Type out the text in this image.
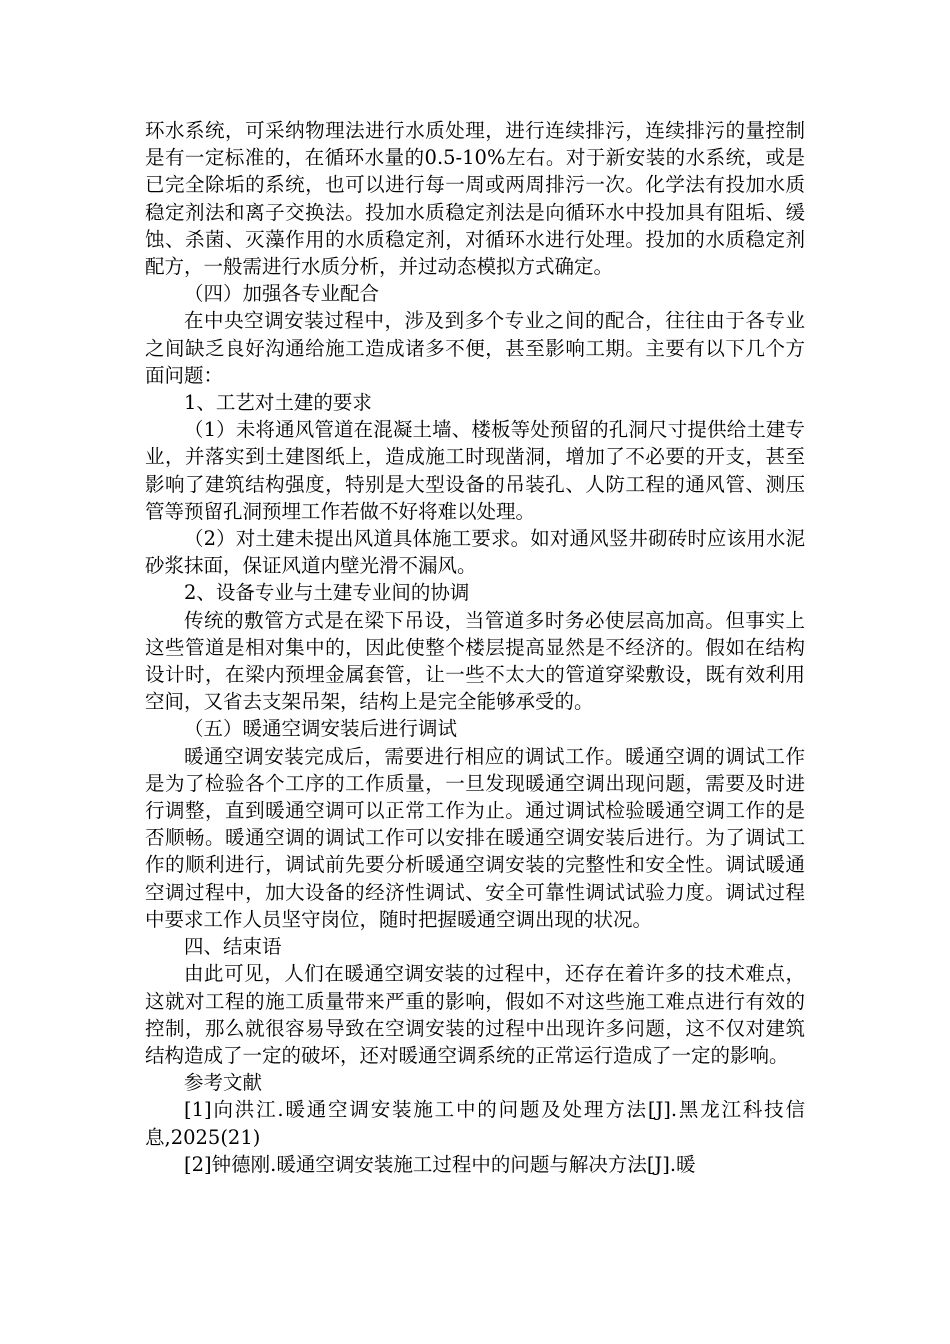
环水系统，可采纳物理法进行水质处理，进行连续排污，连续排污的量控制是有一定标准的，在循环水量的0.5-10%左右。对于新安装的水系统，或是已完全除垢的系统，也可以进行每一周或两周排污一次。化学法有投加水质稳定剂法和离子交换法。投加水质稳定剂法是向循环水中投加具有阻垢、缓蚀、杀菌、灭藻作用的水质稳定剂，对循环水进行处理。投加的水质稳定剂配方，一般需进行水质分析，并过动态模拟方式确定。

（四）加强各专业配合

在中央空调安装过程中，涉及到多个专业之间的配合，往往由于各专业之间缺乏良好沟通给施工造成诸多不便，甚至影响工期。主要有以下几个方面问题：

1、工艺对土建的要求

（1）未将通风管道在混凝土墙、楼板等处预留的孔洞尺寸提供给土建专业，并落实到土建图纸上，造成施工时现凿洞，增加了不必要的开支，甚至影响了建筑结构强度，特别是大型设备的吊装孔、人防工程的通风管、测压管等预留孔洞预埋工作若做不好将难以处理。

（2）对土建未提出风道具体施工要求。如对通风竖井砌砖时应该用水泥砂浆抹面，保证风道内壁光滑不漏风。

2、设备专业与土建专业间的协调

传统的敷管方式是在梁下吊设，当管道多时务必使层高加高。但事实上这些管道是相对集中的，因此使整个楼层提高显然是不经济的。假如在结构设计时，在梁内预埋金属套管，让一些不太大的管道穿梁敷设，既有效利用空间，又省去支架吊架，结构上是完全能够承受的。

（五）暖通空调安装后进行调试

暖通空调安装完成后，需要进行相应的调试工作。暖通空调的调试工作是为了检验各个工序的工作质量，一旦发现暖通空调出现问题，需要及时进行调整，直到暖通空调可以正常工作为止。通过调试检验暖通空调工作的是否顺畅。暖通空调的调试工作可以安排在暖通空调安装后进行。为了调试工作的顺利进行，调试前先要分析暖通空调安装的完整性和安全性。调试暖通空调过程中，加大设备的经济性调试、安全可靠性调试试验力度。调试过程中要求工作人员坚守岗位，随时把握暖通空调出现的状况。

四、结束语

由此可见，人们在暖通空调安装的过程中，还存在着许多的技术难点，这就对工程的施工质量带来严重的影响，假如不对这些施工难点进行有效的控制，那么就很容易导致在空调安装的过程中出现许多问题，这不仅对建筑结构造成了一定的破坏，还对暖通空调系统的正常运行造成了一定的影响。

参考文献

[1]向洪江.暖通空调安装施工中的问题及处理方法[J].黑龙江科技信息,2025(21)

[2]钟德刚.暖通空调安装施工过程中的问题与解决方法[J].暖
